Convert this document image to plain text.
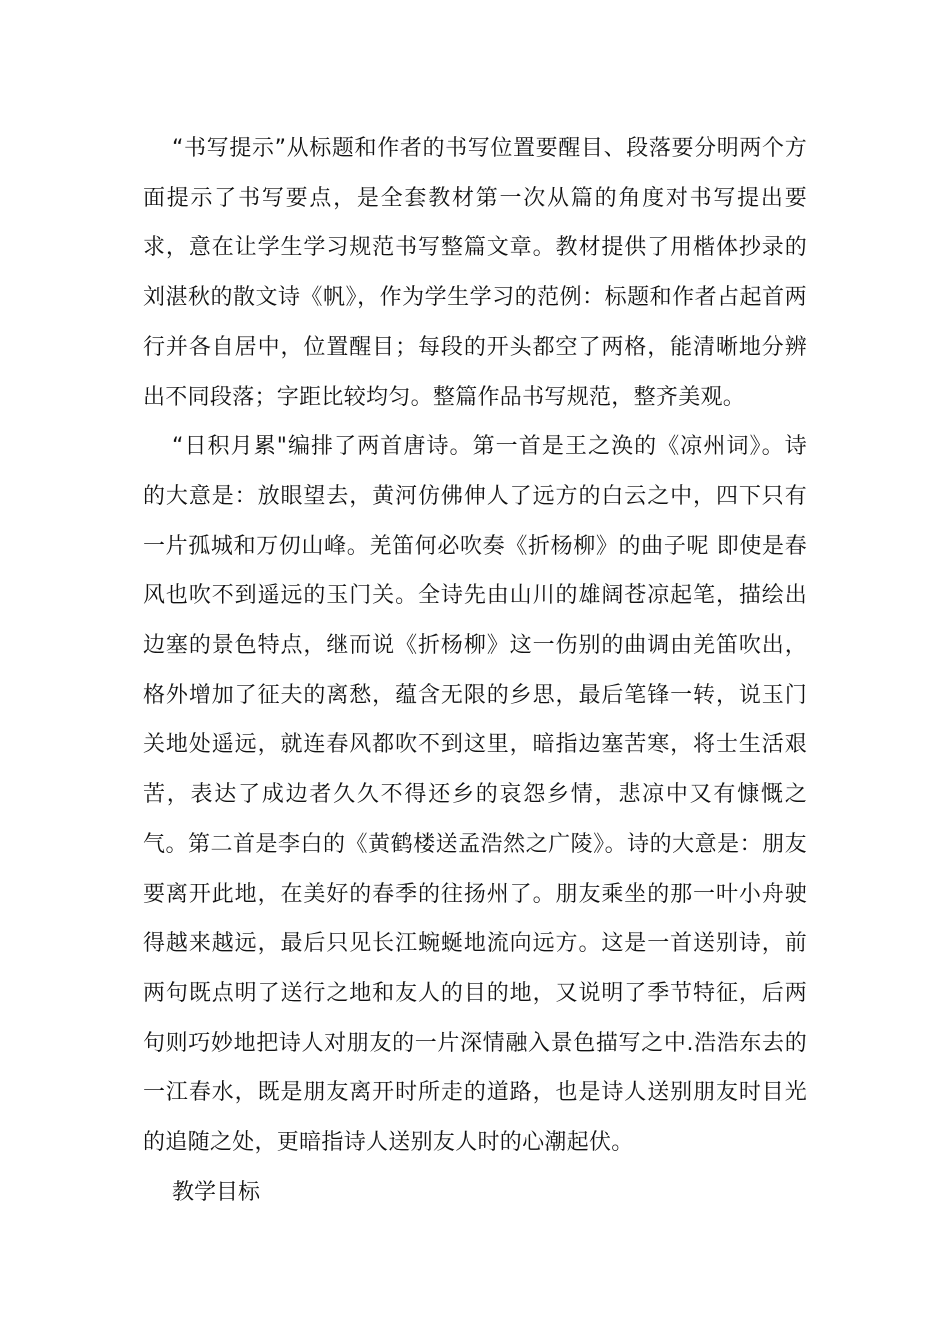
“书写提示”从标题和作者的书写位置要醒目、段落要分明两个方面提示了书写要点，是全套教材第一次从篇的角度对书写提出要求，意在让学生学习规范书写整篇文章。教材提供了用楷体抄录的刘湛秋的散文诗《帆》，作为学生学习的范例：标题和作者占起首两行并各自居中，位置醒目；每段的开头都空了两格，能清晰地分辨出不同段落；字距比较均匀。整篇作品书写规范，整齐美观。

“日积月累"编排了两首唐诗。第一首是王之涣的《凉州词》。诗的大意是：放眼望去，黄河仿佛伸人了远方的白云之中，四下只有一片孤城和万仞山峰。羌笛何必吹奏《折杨柳》的曲子呢 即使是春风也吹不到遥远的玉门关。全诗先由山川的雄阔苍凉起笔，描绘出边塞的景色特点，继而说《折杨柳》这一伤别的曲调由羌笛吹出，格外增加了征夫的离愁，蕴含无限的乡思，最后笔锋一转，说玉门关地处遥远，就连春风都吹不到这里，暗指边塞苦寒，将士生活艰苦，表达了成边者久久不得还乡的哀怨乡情，悲凉中又有慷慨之气。第二首是李白的《黄鹤楼送孟浩然之广陵》。诗的大意是：朋友要离开此地，在美好的春季的往扬州了。朋友乘坐的那一叶小舟驶得越来越远，最后只见长江蜿蜒地流向远方。这是一首送别诗，前两句既点明了送行之地和友人的目的地，又说明了季节特征，后两句则巧妙地把诗人对朋友的一片深情融入景色描写之中.浩浩东去的一江春水，既是朋友离开时所走的道路，也是诗人送别朋友时目光的追随之处，更暗指诗人送别友人时的心潮起伏。

教学目标
